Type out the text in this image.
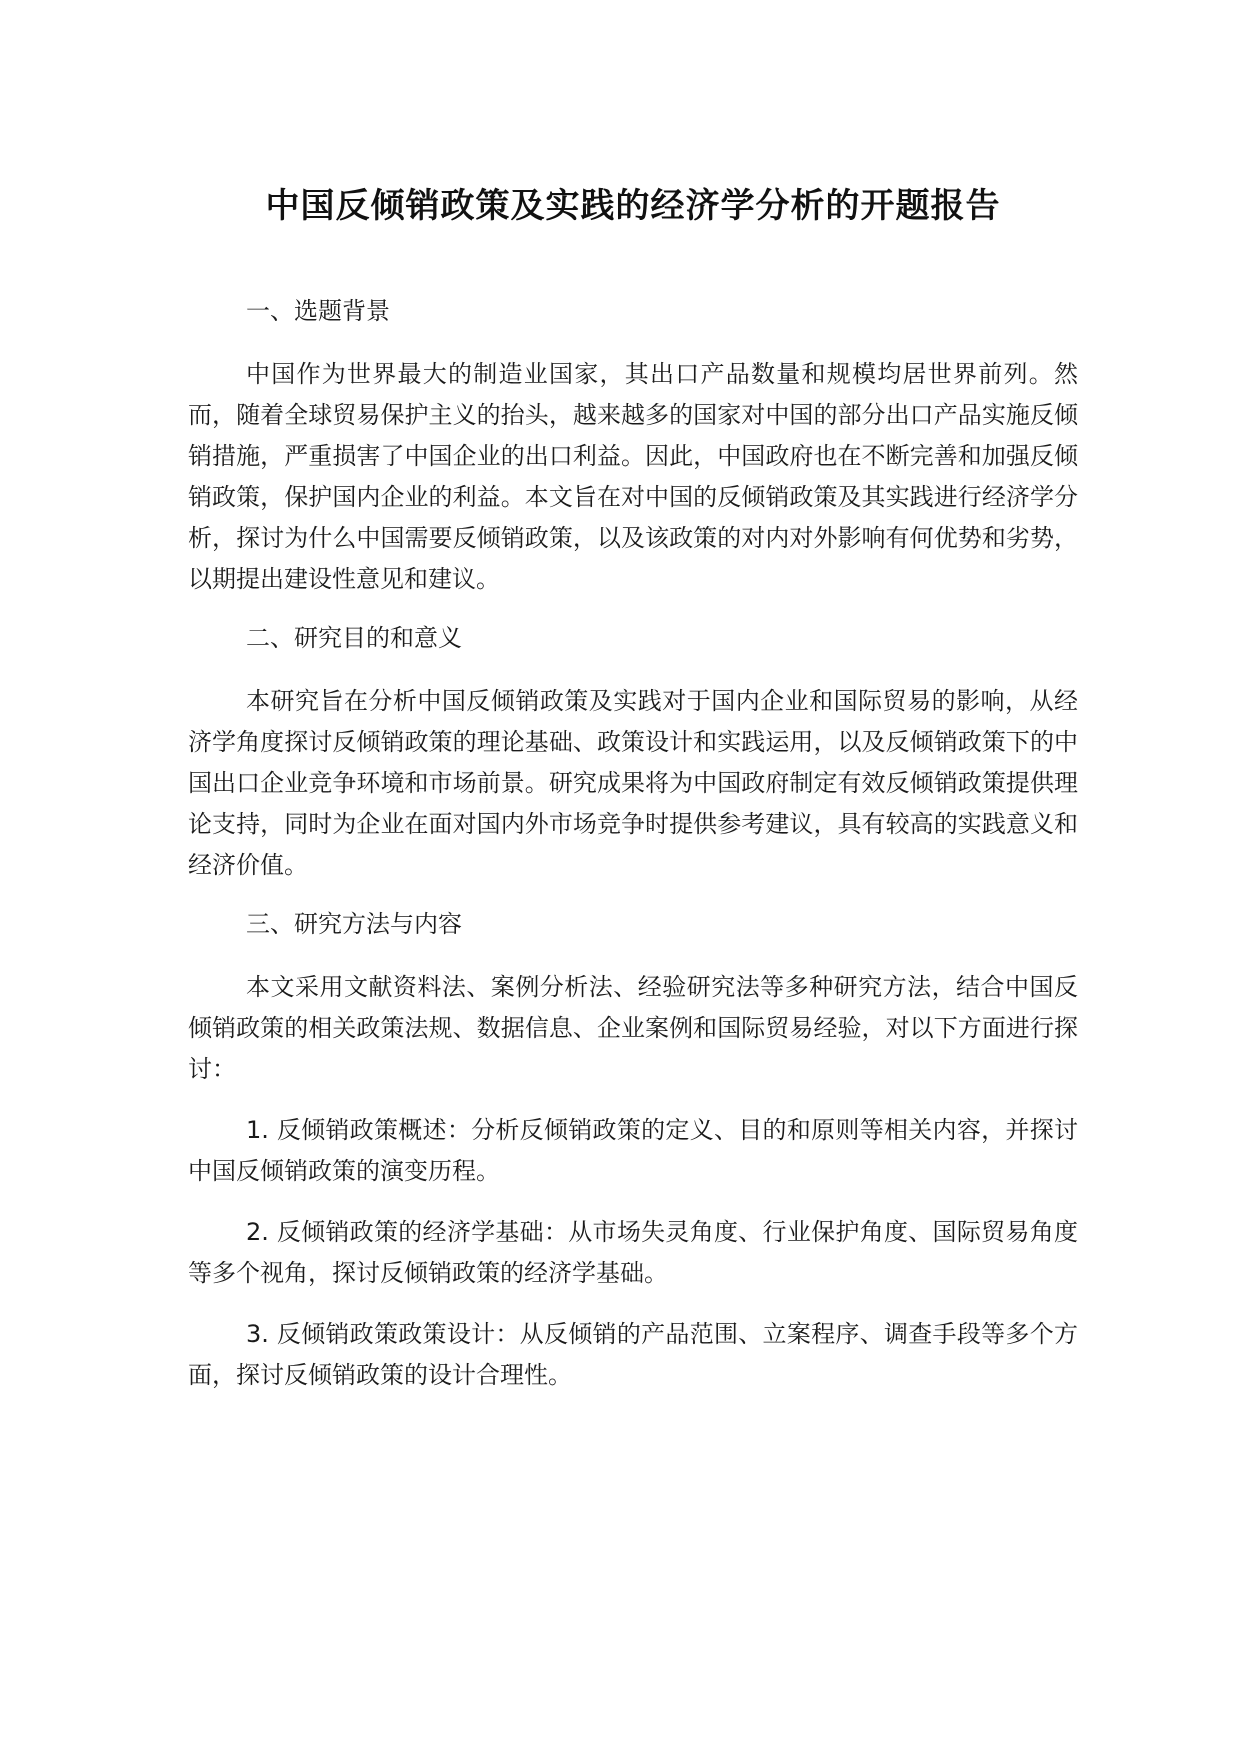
中国反倾销政策及实践的经济学分析的开题报告

一、选题背景

中国作为世界最大的制造业国家，其出口产品数量和规模均居世界前列。然而，随着全球贸易保护主义的抬头，越来越多的国家对中国的部分出口产品实施反倾销措施，严重损害了中国企业的出口利益。因此，中国政府也在不断完善和加强反倾销政策，保护国内企业的利益。本文旨在对中国的反倾销政策及其实践进行经济学分析，探讨为什么中国需要反倾销政策，以及该政策的对内对外影响有何优势和劣势，以期提出建设性意见和建议。

二、研究目的和意义

本研究旨在分析中国反倾销政策及实践对于国内企业和国际贸易的影响，从经济学角度探讨反倾销政策的理论基础、政策设计和实践运用，以及反倾销政策下的中国出口企业竞争环境和市场前景。研究成果将为中国政府制定有效反倾销政策提供理论支持，同时为企业在面对国内外市场竞争时提供参考建议，具有较高的实践意义和经济价值。

三、研究方法与内容

本文采用文献资料法、案例分析法、经验研究法等多种研究方法，结合中国反倾销政策的相关政策法规、数据信息、企业案例和国际贸易经验，对以下方面进行探讨：

1. 反倾销政策概述：分析反倾销政策的定义、目的和原则等相关内容，并探讨中国反倾销政策的演变历程。

2. 反倾销政策的经济学基础：从市场失灵角度、行业保护角度、国际贸易角度等多个视角，探讨反倾销政策的经济学基础。

3. 反倾销政策政策设计：从反倾销的产品范围、立案程序、调查手段等多个方面，探讨反倾销政策的设计合理性。
